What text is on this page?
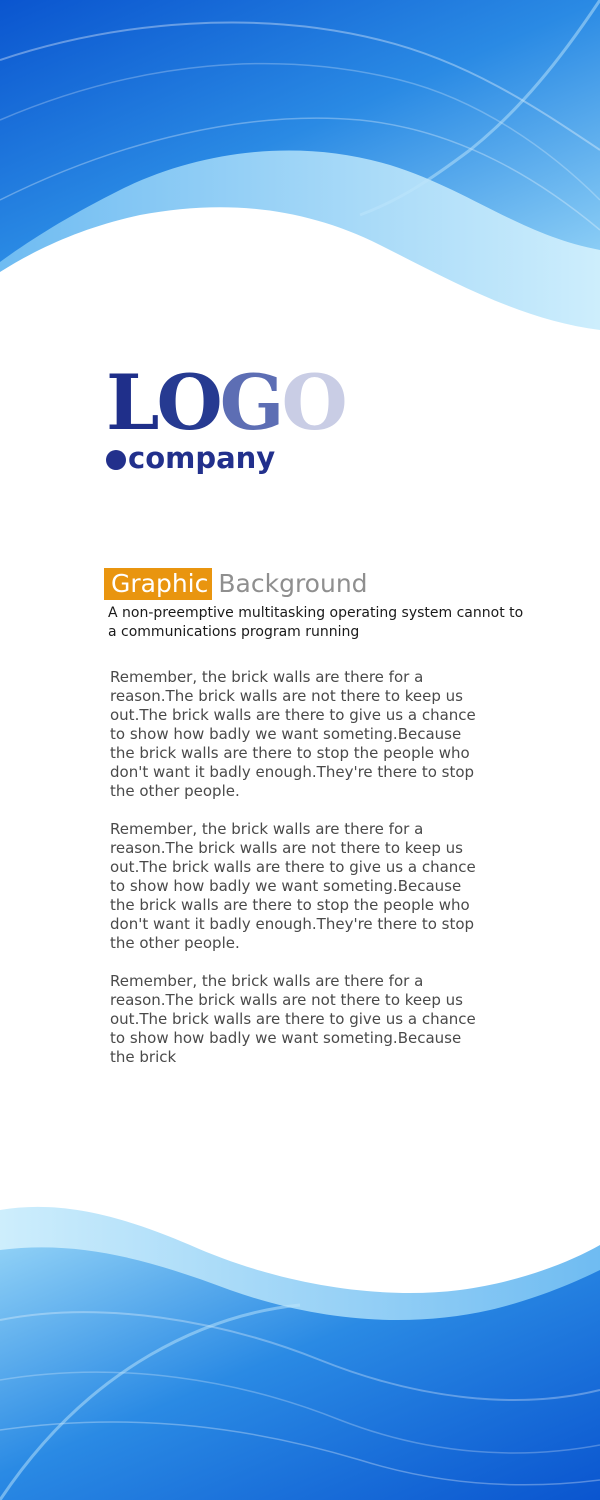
LOGO
company
Graphic Background
A non-preemptive multitasking operating system cannot to a communications program running

Remember, the brick walls are there for a reason.The brick walls are not there to keep us out.The brick walls are there to give us a chance to show how badly we want someting.Because the brick walls are there to stop the people who don't want it badly enough.They're there to stop the other people.

Remember, the brick walls are there for a reason.The brick walls are not there to keep us out.The brick walls are there to give us a chance to show how badly we want someting.Because the brick walls are there to stop the people who don't want it badly enough.They're there to stop the other people.

Remember, the brick walls are there for a reason.The brick walls are not there to keep us out.The brick walls are there to give us a chance to show how badly we want someting.Because the brick
